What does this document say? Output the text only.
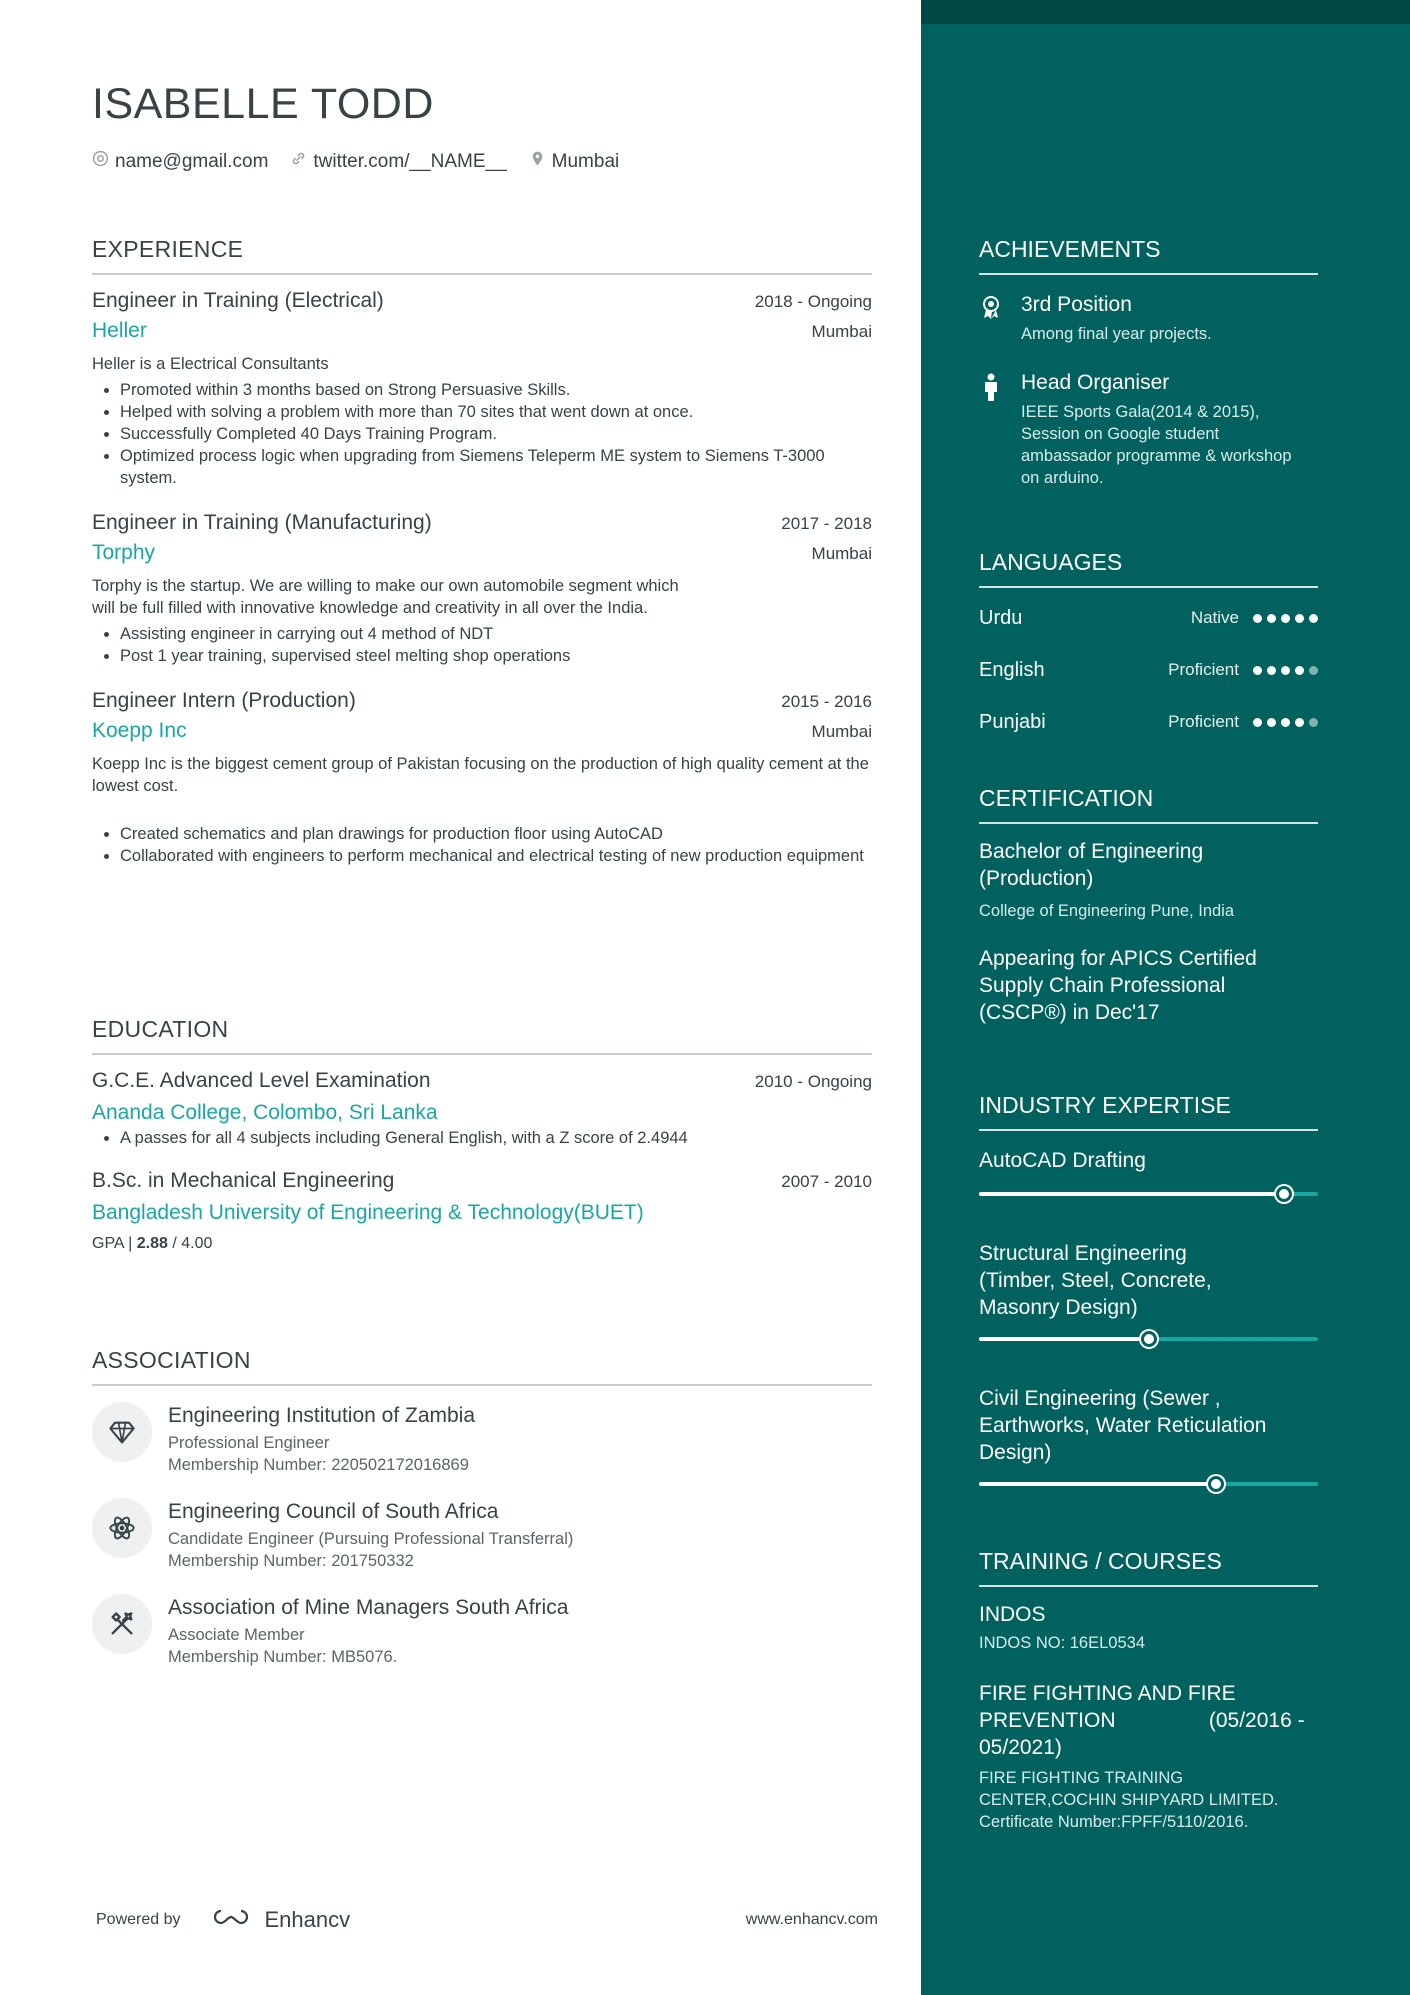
ISABELLE TODD
name@gmail.com twitter.com/__NAME__ Mumbai
EXPERIENCE
Engineer in Training (Electrical)	2018 - Ongoing
Heller	Mumbai
Heller is a Electrical Consultants
• Promoted within 3 months based on Strong Persuasive Skills.
• Helped with solving a problem with more than 70 sites that went down at once.
• Successfully Completed 40 Days Training Program.
• Optimized process logic when upgrading from Siemens Teleperm ME system to Siemens T-3000 system.
Engineer in Training (Manufacturing)	2017 - 2018
Torphy	Mumbai
Torphy is the startup. We are willing to make our own automobile segment which will be full filled with innovative knowledge and creativity in all over the India.
• Assisting engineer in carrying out 4 method of NDT
• Post 1 year training, supervised steel melting shop operations
Engineer Intern (Production)	2015 - 2016
Koepp Inc	Mumbai
Koepp Inc is the biggest cement group of Pakistan focusing on the production of high quality cement at the lowest cost.
• Created schematics and plan drawings for production floor using AutoCAD
• Collaborated with engineers to perform mechanical and electrical testing of new production equipment
EDUCATION
G.C.E. Advanced Level Examination	2010 - Ongoing
Ananda College, Colombo, Sri Lanka
• A passes for all 4 subjects including General English, with a Z score of 2.4944
B.Sc. in Mechanical Engineering	2007 - 2010
Bangladesh University of Engineering & Technology(BUET)
GPA | 2.88 / 4.00
ASSOCIATION
Engineering Institution of Zambia
Professional Engineer
Membership Number: 220502172016869
Engineering Council of South Africa
Candidate Engineer (Pursuing Professional Transferral)
Membership Number: 201750332
Association of Mine Managers South Africa
Associate Member
Membership Number: MB5076.
Powered by	Enhancv	www.enhancv.com
ACHIEVEMENTS
3rd Position
Among final year projects.
Head Organiser
IEEE Sports Gala(2014 & 2015), Session on Google student ambassador programme & workshop on arduino.
LANGUAGES
Urdu	Native
English	Proficient
Punjabi	Proficient
CERTIFICATION
Bachelor of Engineering (Production)
College of Engineering Pune, India
Appearing for APICS Certified Supply Chain Professional (CSCP®) in Dec'17
INDUSTRY EXPERTISE
AutoCAD Drafting
Structural Engineering
(Timber, Steel, Concrete,
Masonry Design)
Civil Engineering (Sewer , Earthworks, Water Reticulation Design)
TRAINING / COURSES
INDOS
INDOS NO: 16EL0534
FIRE FIGHTING AND FIRE PREVENTION                (05/2016 - 05/2021)
FIRE FIGHTING TRAINING CENTER,COCHIN SHIPYARD LIMITED. Certificate Number:FPFF/5110/2016.
